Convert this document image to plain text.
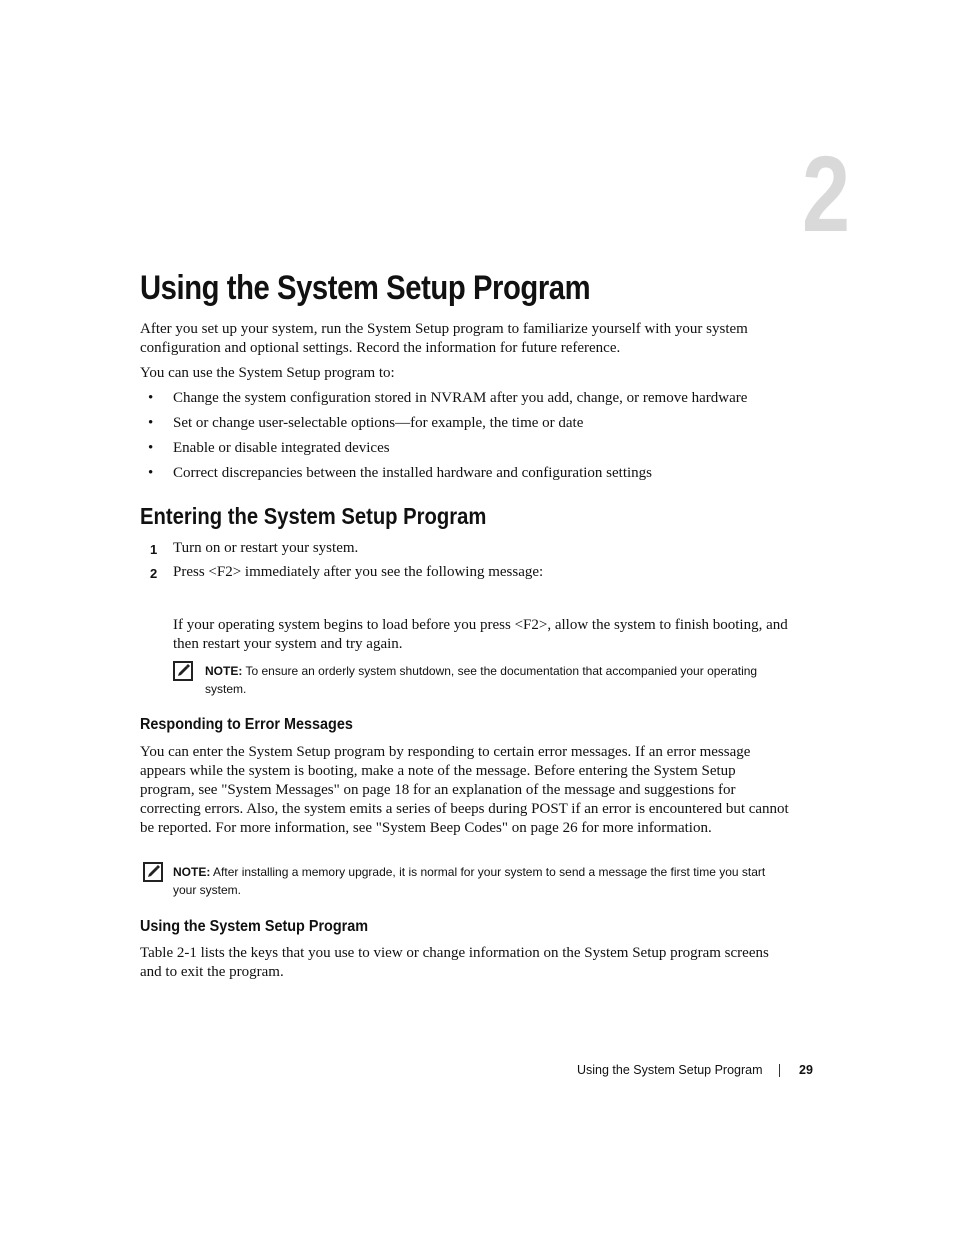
2
Using the System Setup Program

After you set up your system, run the System Setup program to familiarize yourself with your system configuration and optional settings. Record the information for future reference.

You can use the System Setup program to:

• Change the system configuration stored in NVRAM after you add, change, or remove hardware
• Set or change user-selectable options—for example, the time or date
• Enable or disable integrated devices
• Correct discrepancies between the installed hardware and configuration settings
Entering the System Setup Program
1 Turn on or restart your system.
2 Press <F2> immediately after you see the following message:

If your operating system begins to load before you press <F2>, allow the system to finish booting, and then restart your system and try again.

NOTE: To ensure an orderly system shutdown, see the documentation that accompanied your operating system.
Responding to Error Messages

You can enter the System Setup program by responding to certain error messages. If an error message appears while the system is booting, make a note of the message. Before entering the System Setup program, see "System Messages" on page 18 for an explanation of the message and suggestions for correcting errors. Also, the system emits a series of beeps during POST if an error is encountered but cannot be reported. For more information, see "System Beep Codes" on page 26 for more information.

NOTE: After installing a memory upgrade, it is normal for your system to send a message the first time you start your system.
Using the System Setup Program

Table 2-1 lists the keys that you use to view or change information on the System Setup program screens and to exit the program.

Using the System Setup Program	29
